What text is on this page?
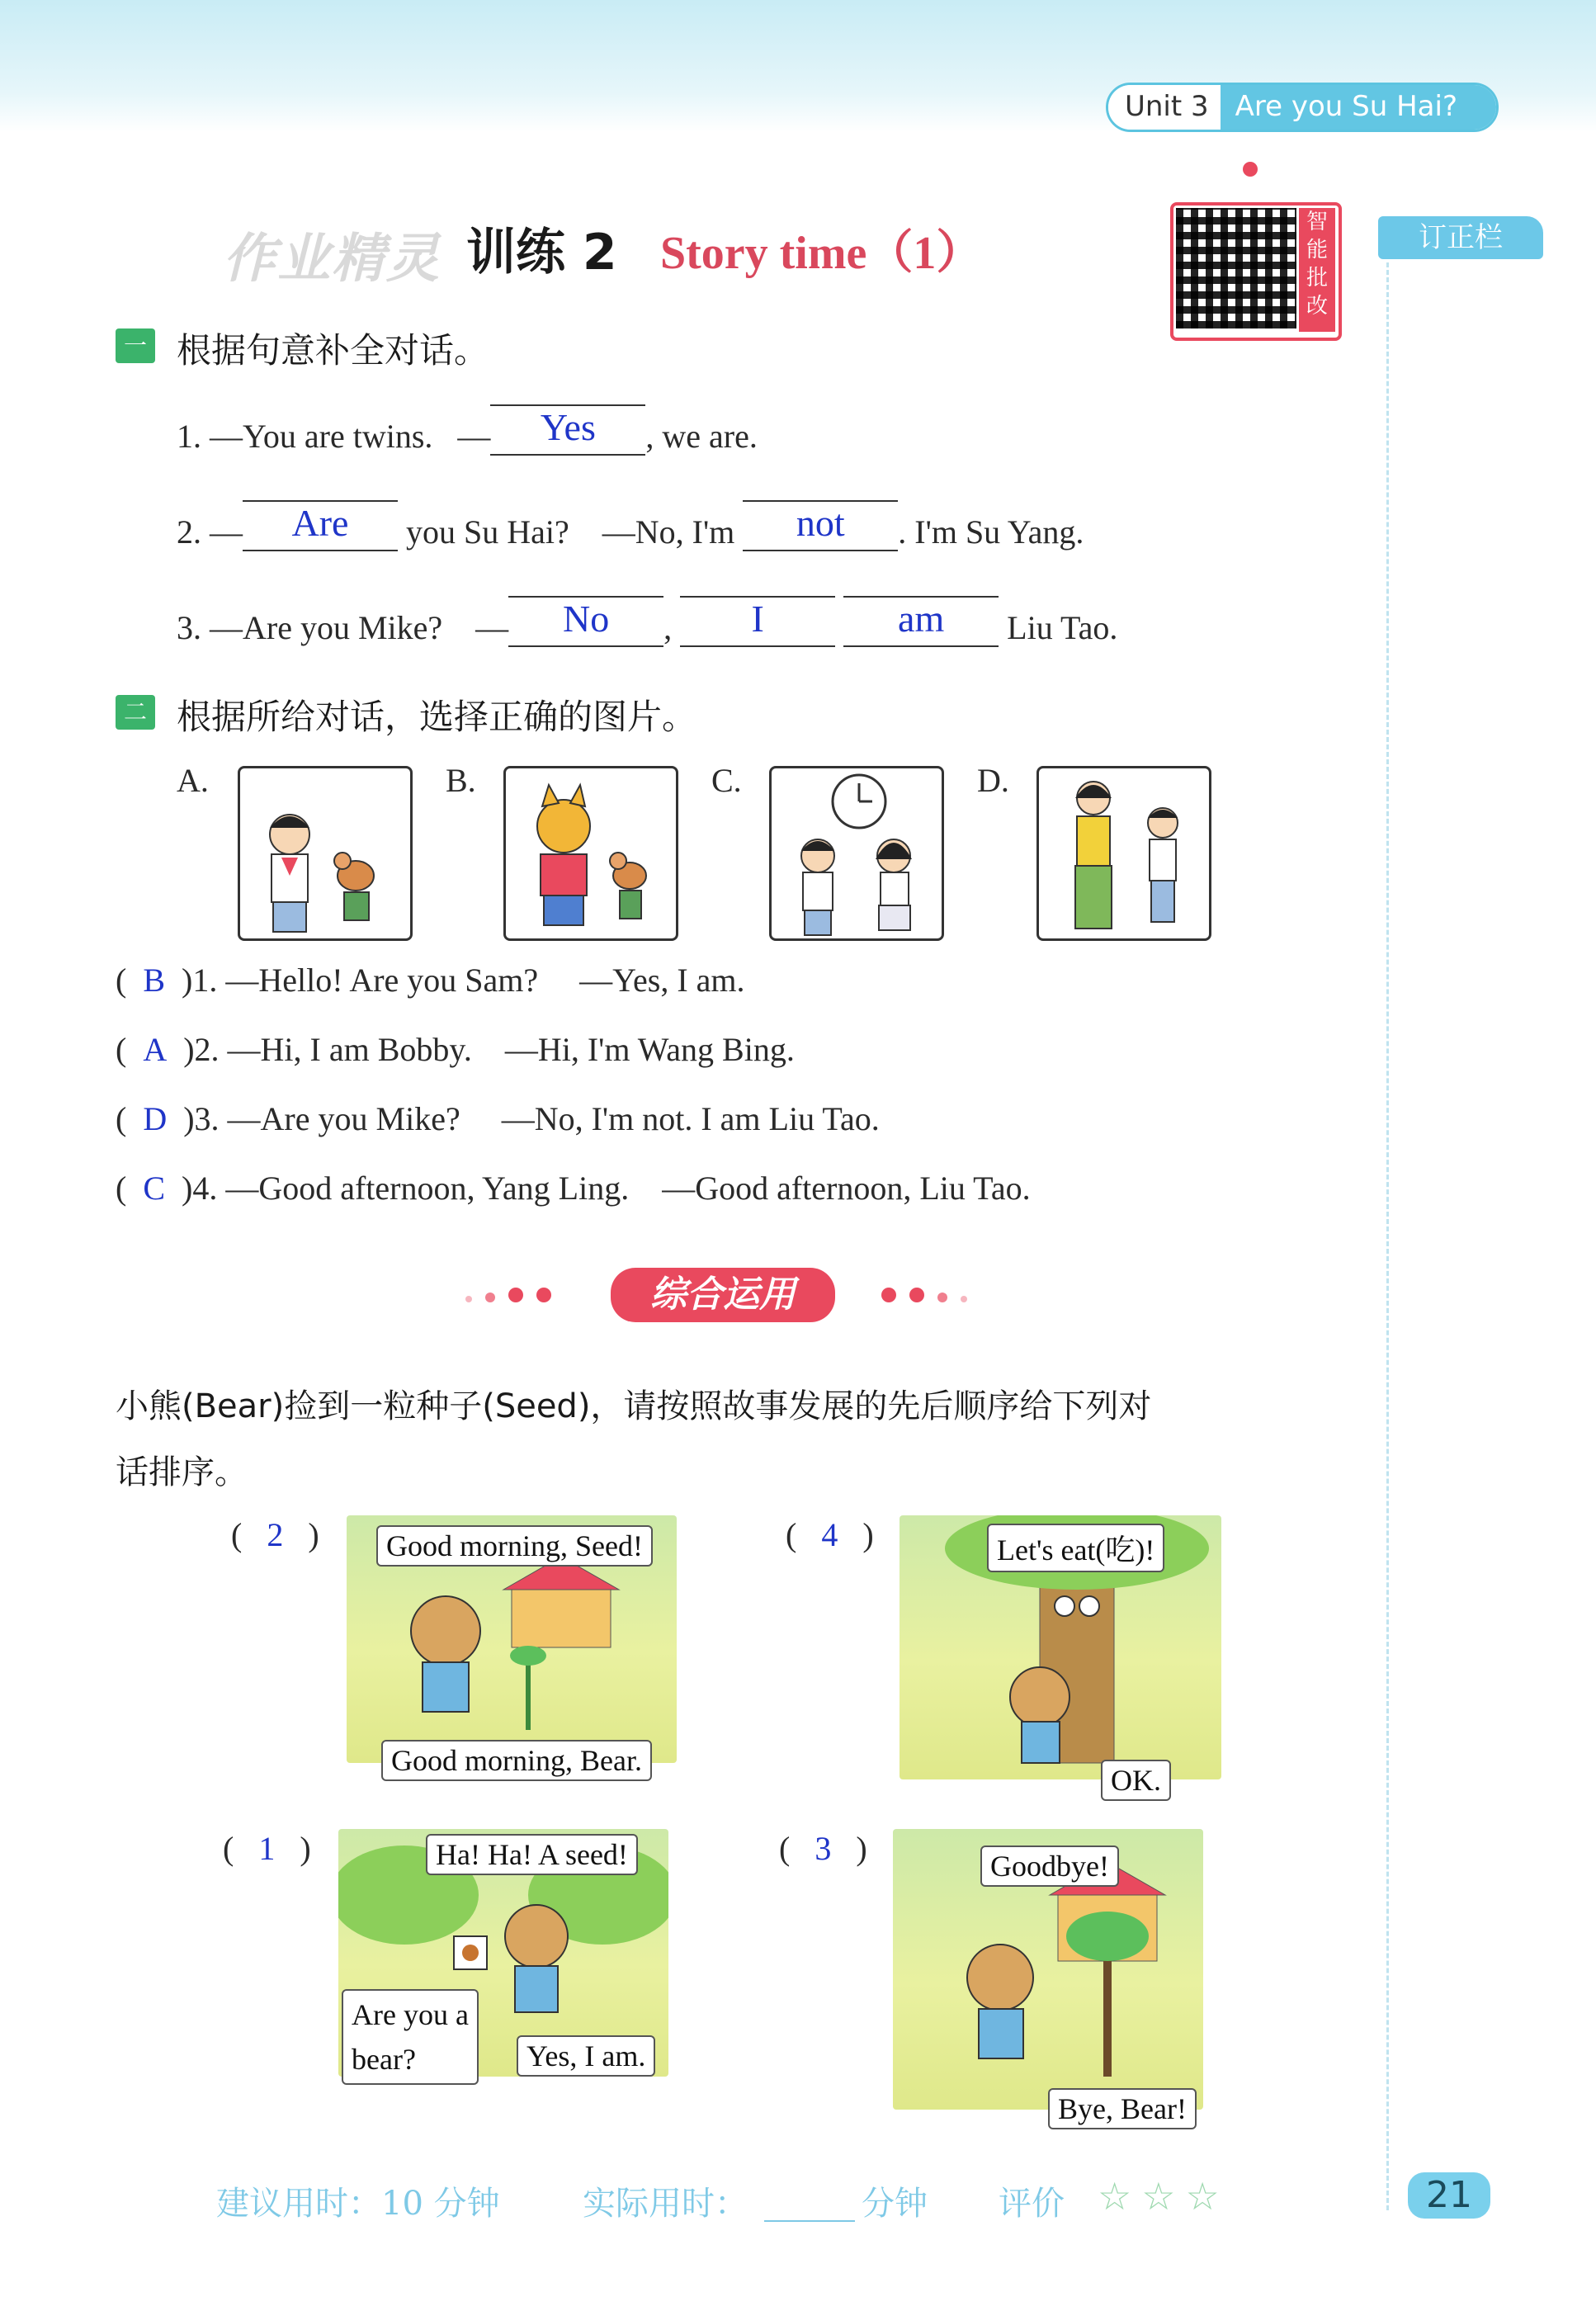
Unit 3 Are you Su Hai?
作业精灵 训练 2 Story time（1）
智能批改
订正栏
一 根据句意补全对话。
1. —You are twins. — Yes , we are.
2. — Are you Su Hai? —No, I'm not . I'm Su Yang.
3. —Are you Mike? — No , I	am Liu Tao.
二 根据所给对话，选择正确的图片。
A.	B.	C.	D.
( B )1. —Hello! Are you Sam? —Yes, I am.
( A )2. —Hi, I am Bobby. —Hi, I'm Wang Bing.
( D )3. —Are you Mike? —No, I'm not. I am Liu Tao.
( C )4. —Good afternoon, Yang Ling. —Good afternoon, Liu Tao.
综合运用
小熊(Bear)捡到一粒种子(Seed)，请按照故事发展的先后顺序给下列对
话排序。
(   2   )	Good morning, Seed!
Good morning, Bear.
(   4   )	Let's eat(吃)!
OK.
(   1   )	Ha! Ha! A seed!
Are you a
bear?	Yes, I am.
(   3   )	Goodbye!
Bye, Bear!
建议用时：10 分钟	实际用时：	分钟 评价 ☆☆☆	21
